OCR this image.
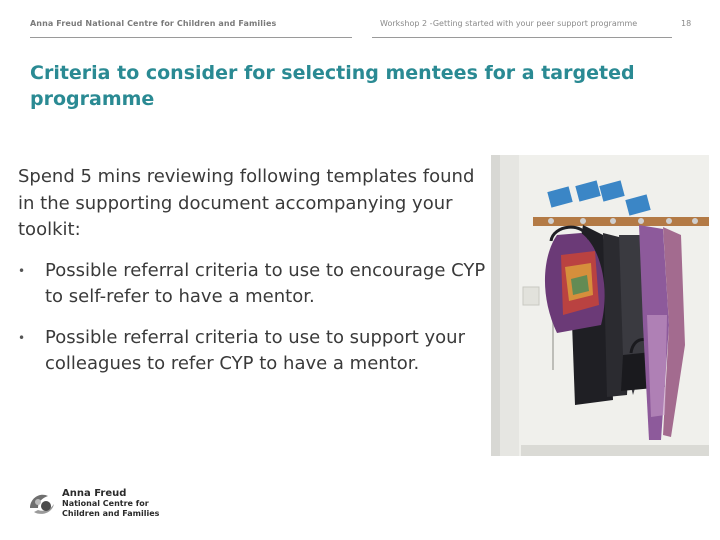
Anna Freud National Centre for Children and Families	Workshop 2 -Getting started with your peer support programme	18
Criteria to consider for selecting mentees for a targeted programme

Spend 5 mins reviewing following templates found in the supporting document accompanying your toolkit:

• Possible referral criteria to use to encourage CYP to self-refer to have a mentor.
• Possible referral criteria to use to support your colleagues to refer CYP to have a mentor.
Anna Freud
National Centre for
Children and Families
